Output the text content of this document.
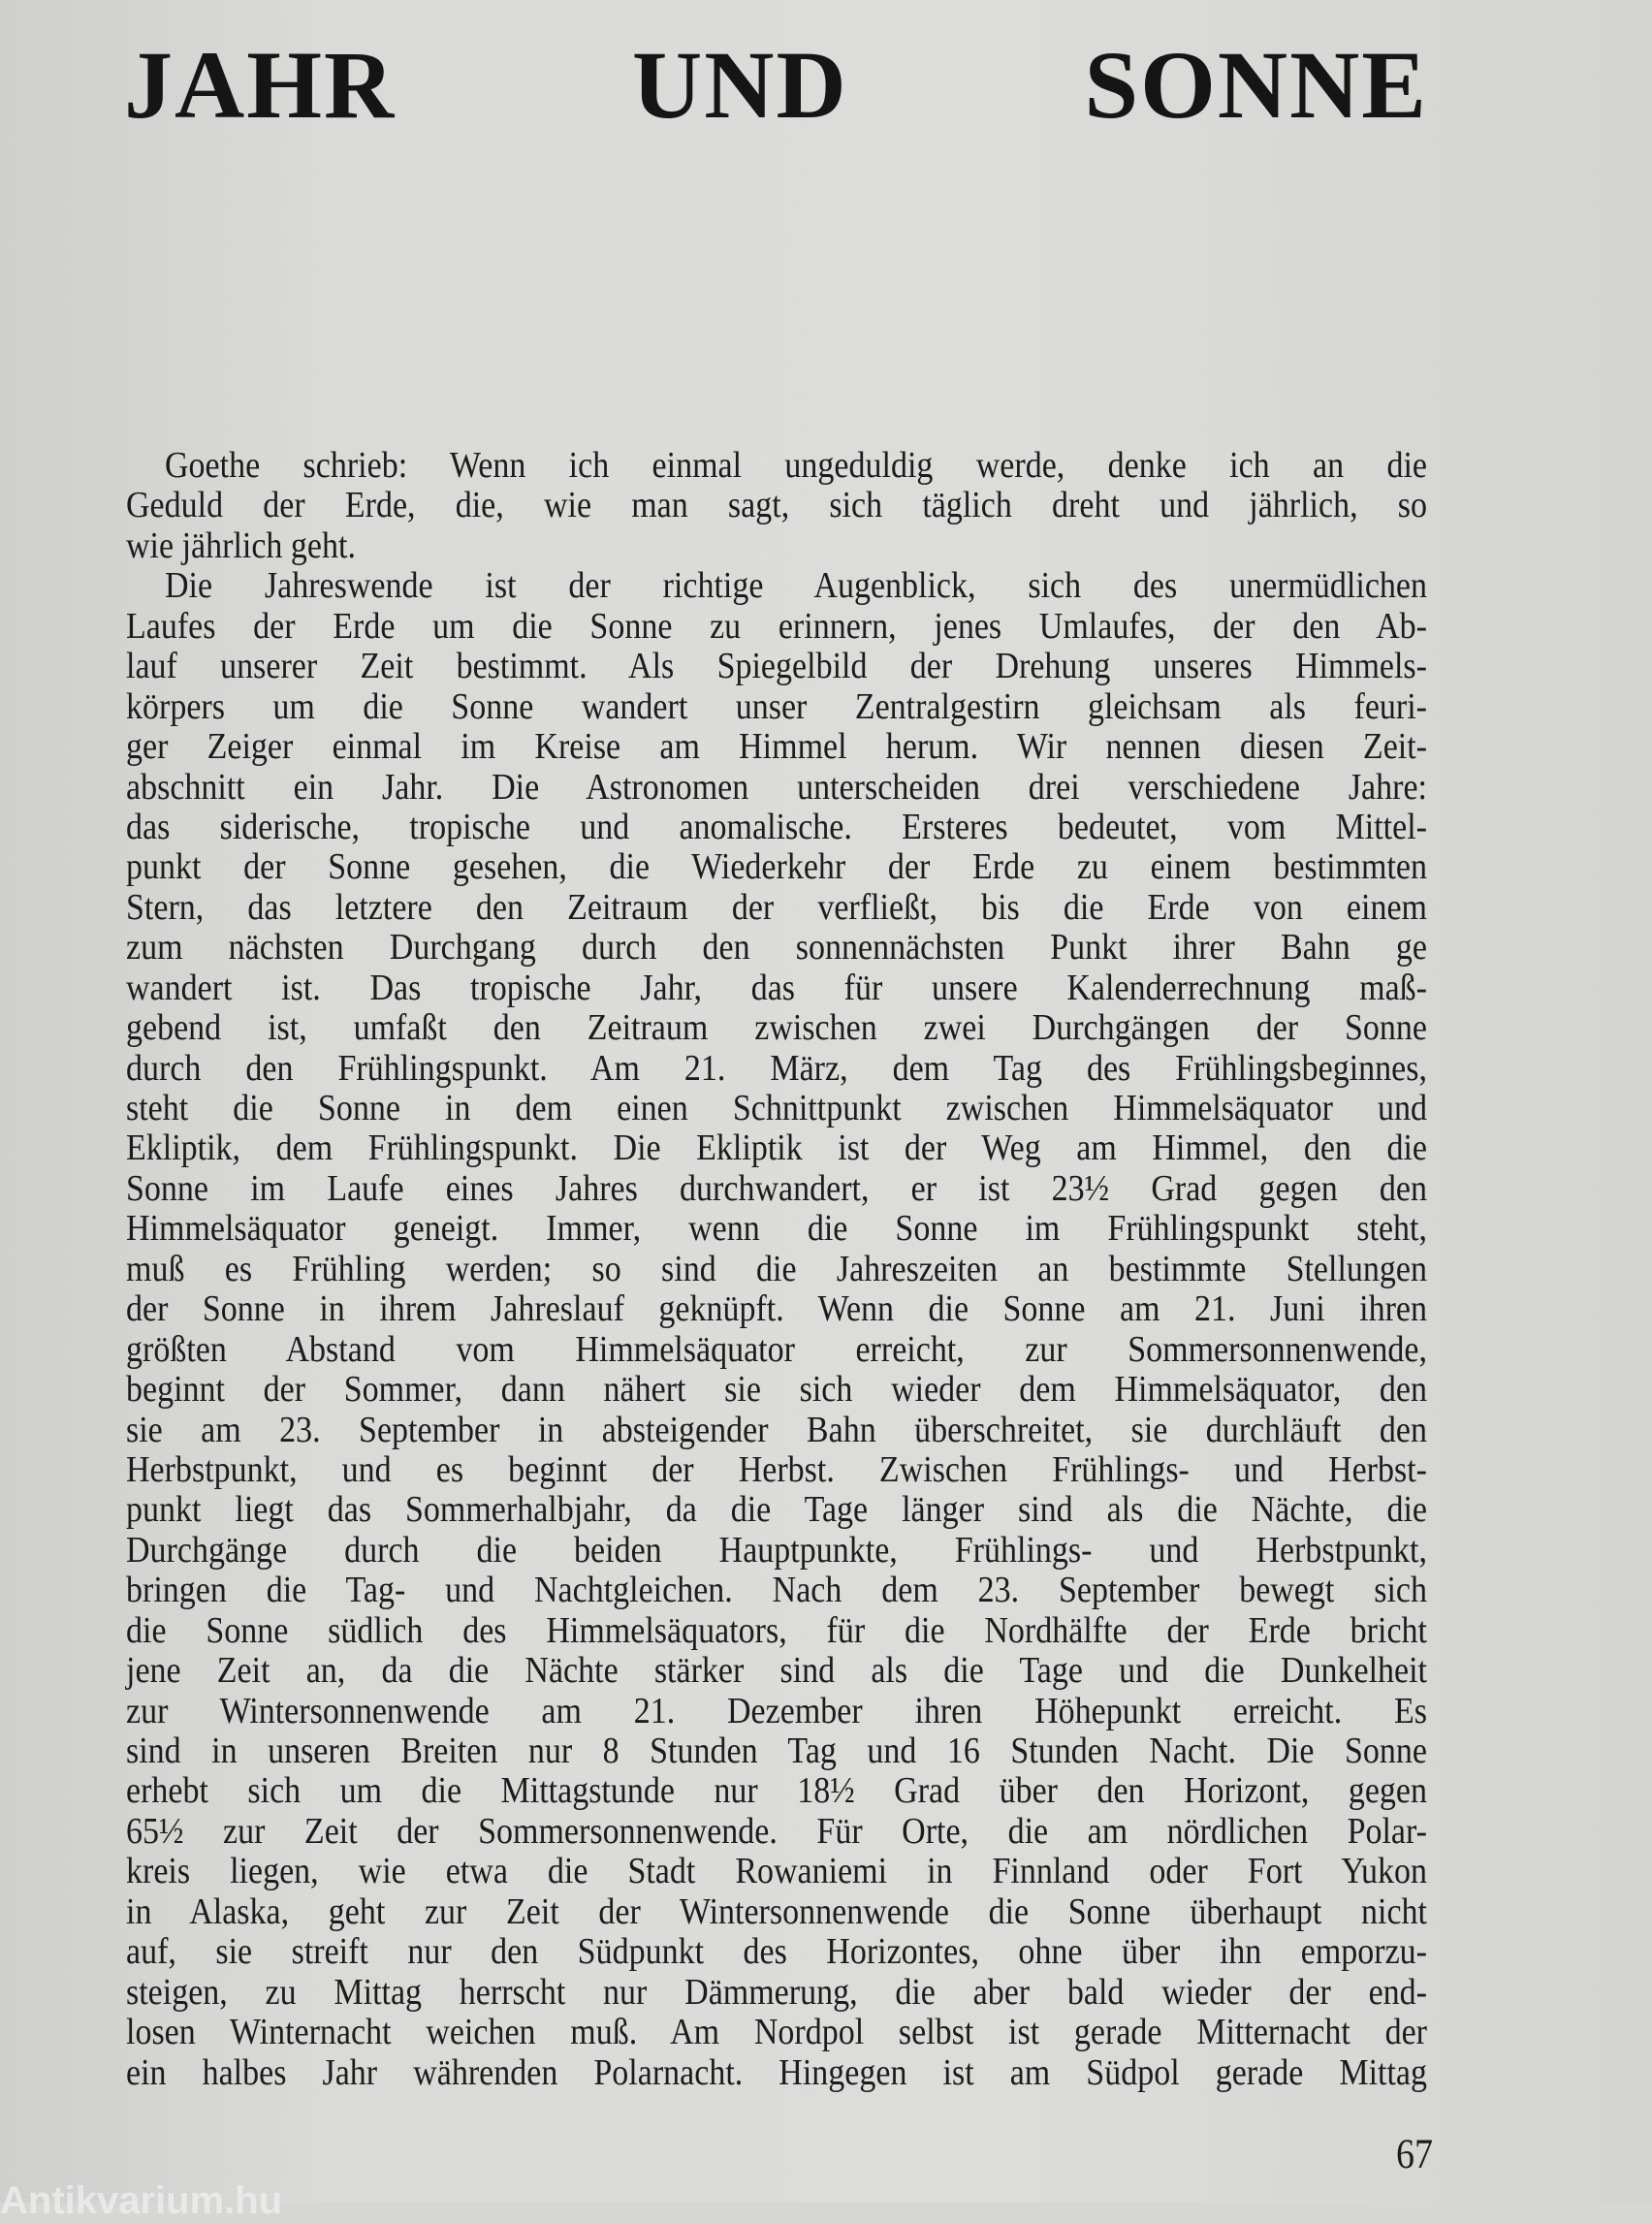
JAHR UND SONNE
Goethe schrieb: Wenn ich einmal ungeduldig werde, denke ich an die
Geduld der Erde, die, wie man sagt, sich täglich dreht und jährlich, so
wie jährlich geht.
Die Jahreswende ist der richtige Augenblick, sich des unermüdlichen
Laufes der Erde um die Sonne zu erinnern, jenes Umlaufes, der den Ab-
lauf unserer Zeit bestimmt. Als Spiegelbild der Drehung unseres Himmels-
körpers um die Sonne wandert unser Zentralgestirn gleichsam als feuri-
ger Zeiger einmal im Kreise am Himmel herum. Wir nennen diesen Zeit-
abschnitt ein Jahr. Die Astronomen unterscheiden drei verschiedene Jahre:
das siderische, tropische und anomalische. Ersteres bedeutet, vom Mittel-
punkt der Sonne gesehen, die Wiederkehr der Erde zu einem bestimmten
Stern, das letztere den Zeitraum der verfließt, bis die Erde von einem
zum nächsten Durchgang durch den sonnennächsten Punkt ihrer Bahn ge
wandert ist. Das tropische Jahr, das für unsere Kalenderrechnung maß-
gebend ist, umfaßt den Zeitraum zwischen zwei Durchgängen der Sonne
durch den Frühlingspunkt. Am 21. März, dem Tag des Frühlingsbeginnes,
steht die Sonne in dem einen Schnittpunkt zwischen Himmelsäquator und
Ekliptik, dem Frühlingspunkt. Die Ekliptik ist der Weg am Himmel, den die
Sonne im Laufe eines Jahres durchwandert, er ist 23½ Grad gegen den
Himmelsäquator geneigt. Immer, wenn die Sonne im Frühlingspunkt steht,
muß es Frühling werden; so sind die Jahreszeiten an bestimmte Stellungen
der Sonne in ihrem Jahreslauf geknüpft. Wenn die Sonne am 21. Juni ihren
größten Abstand vom Himmelsäquator erreicht, zur Sommersonnenwende,
beginnt der Sommer, dann nähert sie sich wieder dem Himmelsäquator, den
sie am 23. September in absteigender Bahn überschreitet, sie durchläuft den
Herbstpunkt, und es beginnt der Herbst. Zwischen Frühlings- und Herbst-
punkt liegt das Sommerhalbjahr, da die Tage länger sind als die Nächte, die
Durchgänge durch die beiden Hauptpunkte, Frühlings- und Herbstpunkt,
bringen die Tag- und Nachtgleichen. Nach dem 23. September bewegt sich
die Sonne südlich des Himmelsäquators, für die Nordhälfte der Erde bricht
jene Zeit an, da die Nächte stärker sind als die Tage und die Dunkelheit
zur Wintersonnenwende am 21. Dezember ihren Höhepunkt erreicht. Es
sind in unseren Breiten nur 8 Stunden Tag und 16 Stunden Nacht. Die Sonne
erhebt sich um die Mittagstunde nur 18½ Grad über den Horizont, gegen
65½ zur Zeit der Sommersonnenwende. Für Orte, die am nördlichen Polar-
kreis liegen, wie etwa die Stadt Rowaniemi in Finnland oder Fort Yukon
in Alaska, geht zur Zeit der Wintersonnenwende die Sonne überhaupt nicht
auf, sie streift nur den Südpunkt des Horizontes, ohne über ihn emporzu-
steigen, zu Mittag herrscht nur Dämmerung, die aber bald wieder der end-
losen Winternacht weichen muß. Am Nordpol selbst ist gerade Mitternacht der
ein halbes Jahr währenden Polarnacht. Hingegen ist am Südpol gerade Mittag
67
Antikvarium.hu
